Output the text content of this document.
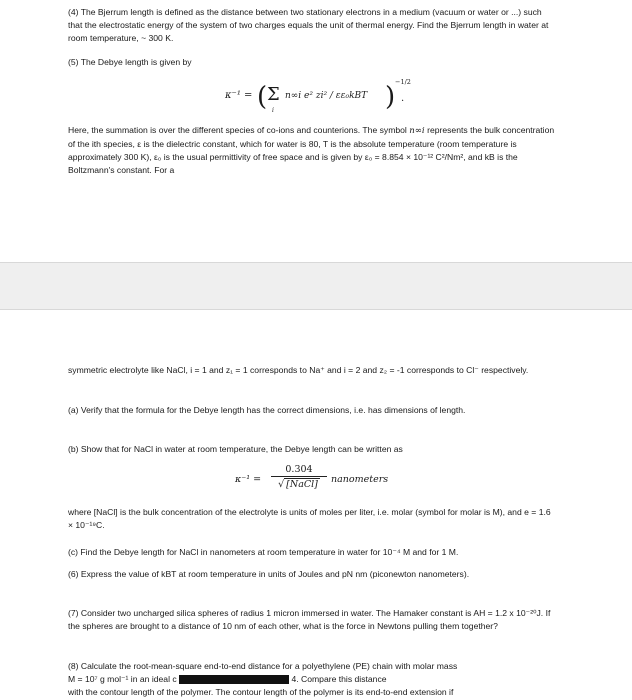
(4) The Bjerrum length is defined as the distance between two stationary electrons in a medium (vacuum or water or ...) such that the electrostatic energy of the system of two charges equals the unit of thermal energy. Find the Bjerrum length in water at room temperature, ~ 300 K.

(5) The Debye length is given by

κ⁻¹ = ( Σ
i
n∞i e² zi² / εε₀kBT ) −1/2
.
Here, the summation is over the different species of co-ions and counterions. The symbol n∞i represents the bulk concentration of the ith species, ε is the dielectric constant, which for water is 80, T is the absolute temperature (room temperature is approximately 300 K), ε₀ is the usual permittivity of free space and is given by ε₀ = 8.854 × 10⁻¹² C²/Nm², and kB is the Boltzmann's constant. For a

symmetric electrolyte like NaCl, i = 1 and z₁ = 1 corresponds to Na⁺ and i = 2 and z₂ = -1 corresponds to Cl⁻ respectively.

(a) Verify that the formula for the Debye length has the correct dimensions, i.e. has dimensions of length.

(b) Show that for NaCl in water at room temperature, the Debye length can be written as

κ⁻¹ =
0.304
√ [NaCl]	nanometers

where [NaCl] is the bulk concentration of the electrolyte is units of moles per liter, i.e. molar (symbol for molar is M), and e = 1.6 × 10⁻¹⁹C.

(c) Find the Debye length for NaCl in nanometers at room temperature in water for 10⁻⁴ M and for 1 M.

(6) Express the value of kBT at room temperature in units of Joules and pN nm (piconewton nanometers).

(7) Consider two uncharged silica spheres of radius 1 micron immersed in water. The Hamaker constant is AH = 1.2 x 10⁻²⁰J. If the spheres are brought to a distance of 10 nm of each other, what is the force in Newtons pulling them together?

(8) Calculate the root-mean-square end-to-end distance for a polyethylene (PE) chain with molar mass
M = 10⁷ g mol⁻¹ in an ideal c	4. Compare this distance
with the contour length of the polymer. The contour length of the polymer is its end-to-end extension if
